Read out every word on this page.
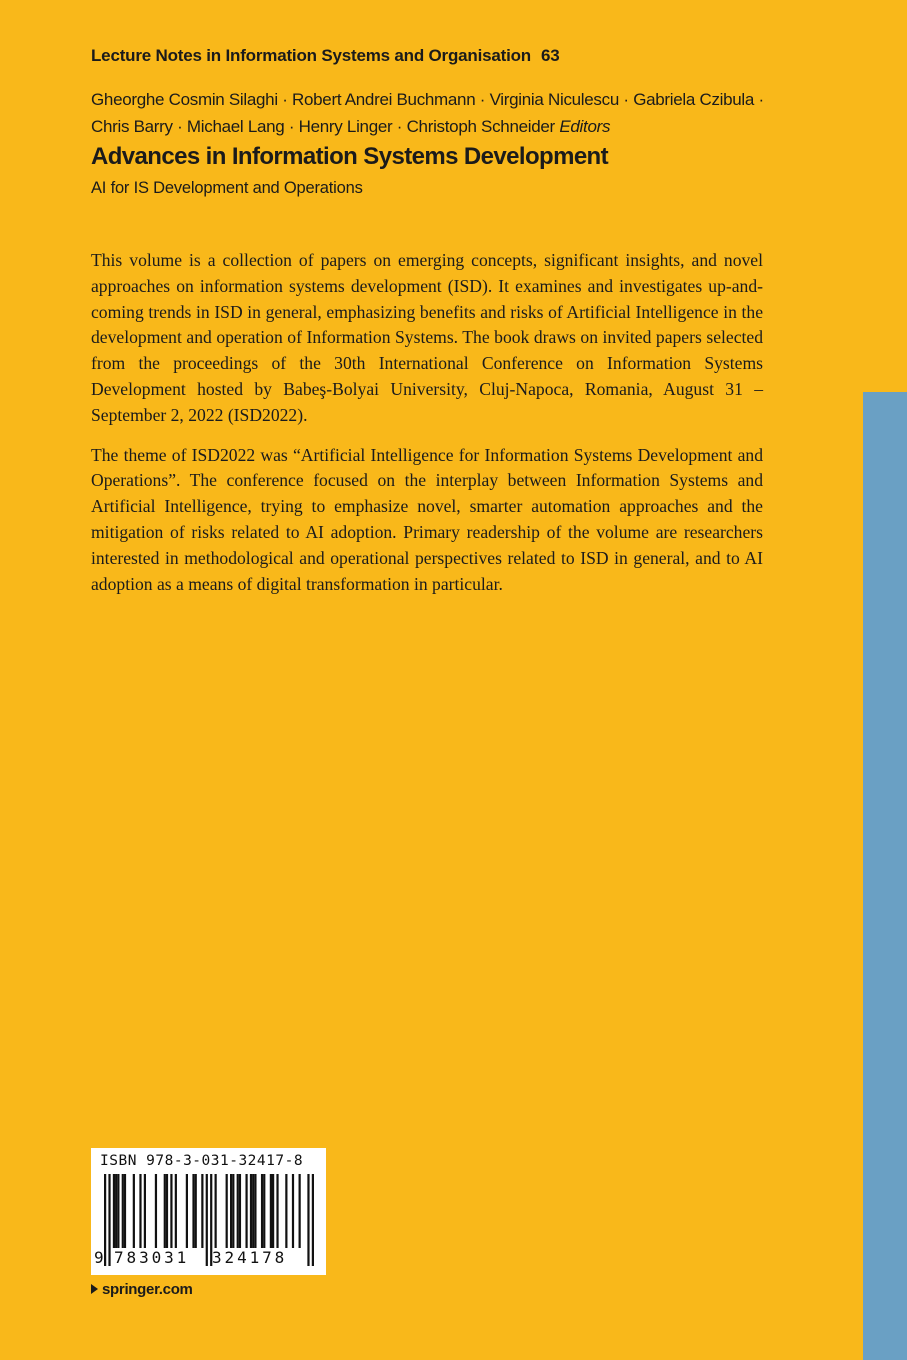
Lecture Notes in Information Systems and Organisation 63
Gheorghe Cosmin Silaghi · Robert Andrei Buchmann · Virginia Niculescu · Gabriela Czibula ·
Chris Barry · Michael Lang · Henry Linger · Christoph Schneider Editors
Advances in Information Systems Development
AI for IS Development and Operations

This volume is a collection of papers on emerging concepts, significant insights, and novel approaches on information systems development (ISD). It examines and investigates up-and-coming trends in ISD in general, emphasizing benefits and risks of Artificial Intelligence in the development and operation of Information Systems. The book draws on invited papers selected from the proceedings of the 30th International Conference on Information Systems Development hosted by Babeş-Bolyai University, Cluj-Napoca, Romania, August 31 – September 2, 2022 (ISD2022).

The theme of ISD2022 was “Artificial Intelligence for Information Systems Development and Operations”. The conference focused on the interplay between Information Systems and Artificial Intelligence, trying to emphasize novel, smarter automation approaches and the mitigation of risks related to AI adoption. Primary readership of the volume are researchers interested in methodological and operational perspectives related to ISD in general, and to AI adoption as a means of digital transformation in particular.

ISBN 978-3-031-32417-8
9 783031 324178
springer.com
